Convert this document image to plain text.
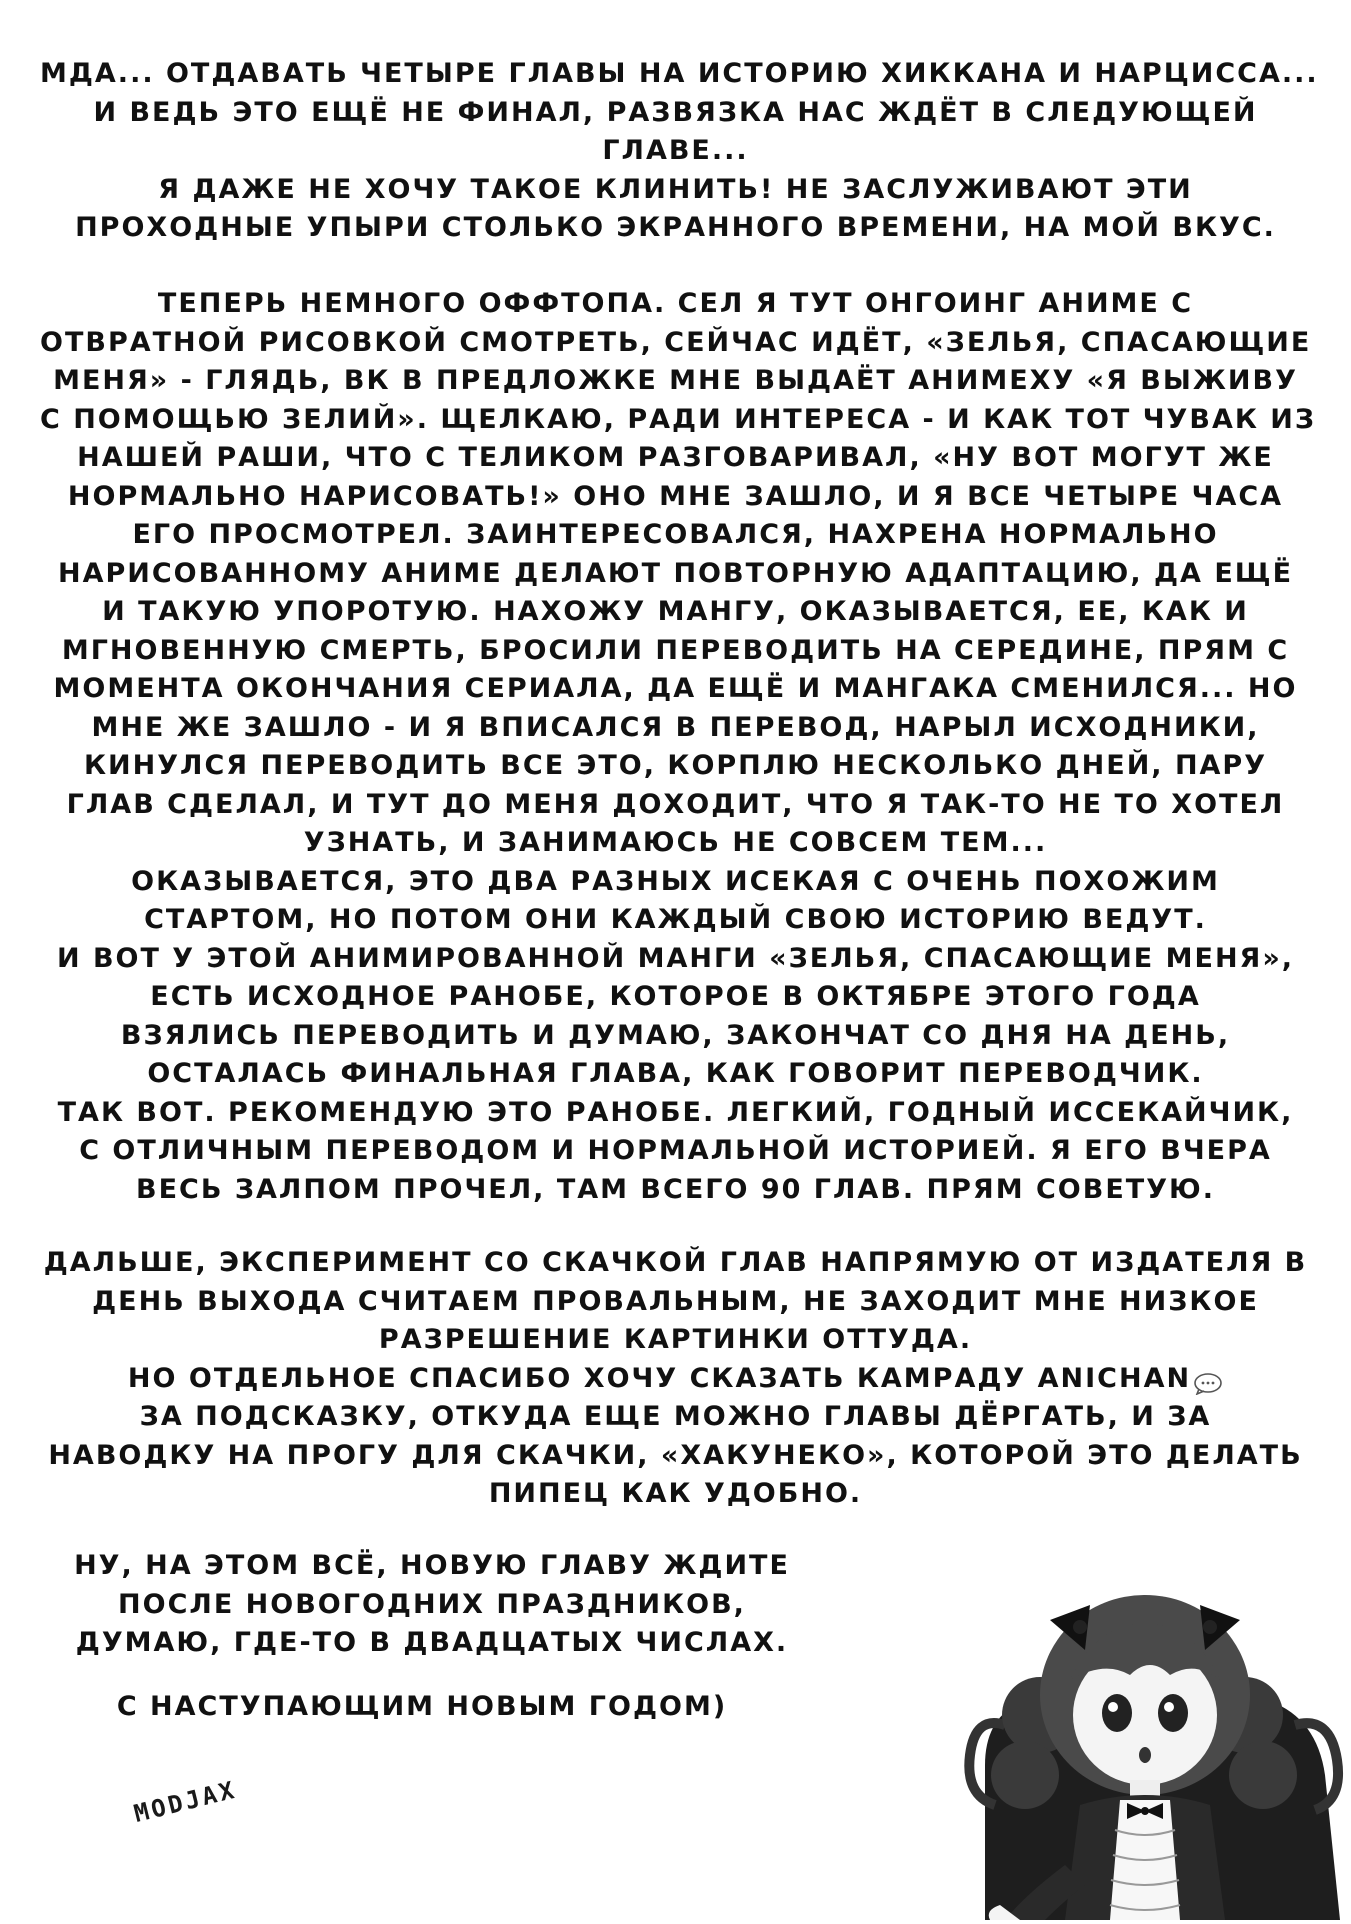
МДА... ОТДАВАТЬ ЧЕТЫРЕ ГЛАВЫ НА ИСТОРИЮ ХИККАНА И НАРЦИССА...
И ВЕДЬ ЭТО ЕЩЁ НЕ ФИНАЛ, РАЗВЯЗКА НАС ЖДЁТ В СЛЕДУЮЩЕЙ
ГЛАВЕ...
Я ДАЖЕ НЕ ХОЧУ ТАКОЕ КЛИНИТЬ! НЕ ЗАСЛУЖИВАЮТ ЭТИ
ПРОХОДНЫЕ УПЫРИ СТОЛЬКО ЭКРАННОГО ВРЕМЕНИ, НА МОЙ ВКУС.
ТЕПЕРЬ НЕМНОГО ОФФТОПА. СЕЛ Я ТУТ ОНГОИНГ АНИМЕ С
ОТВРАТНОЙ РИСОВКОЙ СМОТРЕТЬ, СЕЙЧАС ИДЁТ, «ЗЕЛЬЯ, СПАСАЮЩИЕ
МЕНЯ» - ГЛЯДЬ, ВК В ПРЕДЛОЖКЕ МНЕ ВЫДАЁТ АНИМЕХУ «Я ВЫЖИВУ
С ПОМОЩЬЮ ЗЕЛИЙ». ЩЕЛКАЮ, РАДИ ИНТЕРЕСА - И КАК ТОТ ЧУВАК ИЗ
НАШЕЙ РАШИ, ЧТО С ТЕЛИКОМ РАЗГОВАРИВАЛ, «НУ ВОТ МОГУТ ЖЕ
НОРМАЛЬНО НАРИСОВАТЬ!» ОНО МНЕ ЗАШЛО, И Я ВСЕ ЧЕТЫРЕ ЧАСА
ЕГО ПРОСМОТРЕЛ. ЗАИНТЕРЕСОВАЛСЯ, НАХРЕНА НОРМАЛЬНО
НАРИСОВАННОМУ АНИМЕ ДЕЛАЮТ ПОВТОРНУЮ АДАПТАЦИЮ, ДА ЕЩЁ
И ТАКУЮ УПОРОТУЮ. НАХОЖУ МАНГУ, ОКАЗЫВАЕТСЯ, ЕЕ, КАК И
МГНОВЕННУЮ СМЕРТЬ, БРОСИЛИ ПЕРЕВОДИТЬ НА СЕРЕДИНЕ, ПРЯМ С
МОМЕНТА ОКОНЧАНИЯ СЕРИАЛА, ДА ЕЩЁ И МАНГАКА СМЕНИЛСЯ... НО
МНЕ ЖЕ ЗАШЛО - И Я ВПИСАЛСЯ В ПЕРЕВОД, НАРЫЛ ИСХОДНИКИ,
КИНУЛСЯ ПЕРЕВОДИТЬ ВСЕ ЭТО, КОРПЛЮ НЕСКОЛЬКО ДНЕЙ, ПАРУ
ГЛАВ СДЕЛАЛ, И ТУТ ДО МЕНЯ ДОХОДИТ, ЧТО Я ТАК-ТО НЕ ТО ХОТЕЛ
УЗНАТЬ, И ЗАНИМАЮСЬ НЕ СОВСЕМ ТЕМ...
ОКАЗЫВАЕТСЯ, ЭТО ДВА РАЗНЫХ ИСЕКАЯ С ОЧЕНЬ ПОХОЖИМ
СТАРТОМ, НО ПОТОМ ОНИ КАЖДЫЙ СВОЮ ИСТОРИЮ ВЕДУТ.
И ВОТ У ЭТОЙ АНИМИРОВАННОЙ МАНГИ «ЗЕЛЬЯ, СПАСАЮЩИЕ МЕНЯ»,
ЕСТЬ ИСХОДНОЕ РАНОБЕ, КОТОРОЕ В ОКТЯБРЕ ЭТОГО ГОДА
ВЗЯЛИСЬ ПЕРЕВОДИТЬ И ДУМАЮ, ЗАКОНЧАТ СО ДНЯ НА ДЕНЬ,
ОСТАЛАСЬ ФИНАЛЬНАЯ ГЛАВА, КАК ГОВОРИТ ПЕРЕВОДЧИК.
ТАК ВОТ. РЕКОМЕНДУЮ ЭТО РАНОБЕ. ЛЕГКИЙ, ГОДНЫЙ ИССЕКАЙЧИК,
С ОТЛИЧНЫМ ПЕРЕВОДОМ И НОРМАЛЬНОЙ ИСТОРИЕЙ. Я ЕГО ВЧЕРА
ВЕСЬ ЗАЛПОМ ПРОЧЕЛ, ТАМ ВСЕГО 90 ГЛАВ. ПРЯМ СОВЕТУЮ.
ДАЛЬШЕ, ЭКСПЕРИМЕНТ СО СКАЧКОЙ ГЛАВ НАПРЯМУЮ ОТ ИЗДАТЕЛЯ В
ДЕНЬ ВЫХОДА СЧИТАЕМ ПРОВАЛЬНЫМ, НЕ ЗАХОДИТ МНЕ НИЗКОЕ
РАЗРЕШЕНИЕ КАРТИНКИ ОТТУДА.
НО ОТДЕЛЬНОЕ СПАСИБО ХОЧУ СКАЗАТЬ КАМРАДУ ANICHAN
ЗА ПОДСКАЗКУ, ОТКУДА ЕЩЕ МОЖНО ГЛАВЫ ДЁРГАТЬ, И ЗА
НАВОДКУ НА ПРОГУ ДЛЯ СКАЧКИ, «ХАКУНЕКО», КОТОРОЙ ЭТО ДЕЛАТЬ
ПИПЕЦ КАК УДОБНО.
НУ, НА ЭТОМ ВСЁ, НОВУЮ ГЛАВУ ЖДИТЕ
ПОСЛЕ НОВОГОДНИХ ПРАЗДНИКОВ,
ДУМАЮ, ГДЕ-ТО В ДВАДЦАТЫХ ЧИСЛАХ.
С НАСТУПАЮЩИМ НОВЫМ ГОДОМ)
MODJAX
